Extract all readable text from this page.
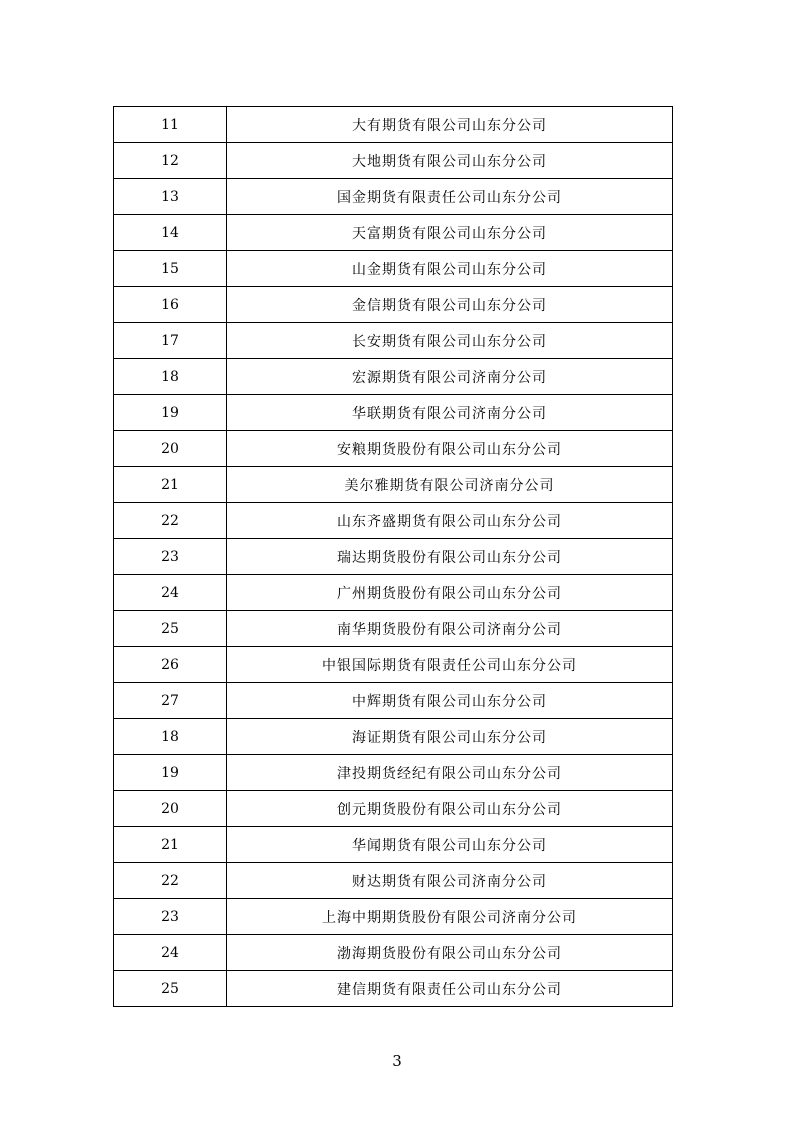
11	大有期货有限公司山东分公司
12	大地期货有限公司山东分公司
13	国金期货有限责任公司山东分公司
14	天富期货有限公司山东分公司
15	山金期货有限公司山东分公司
16	金信期货有限公司山东分公司
17	长安期货有限公司山东分公司
18	宏源期货有限公司济南分公司
19	华联期货有限公司济南分公司
20	安粮期货股份有限公司山东分公司
21	美尔雅期货有限公司济南分公司
22	山东齐盛期货有限公司山东分公司
23	瑞达期货股份有限公司山东分公司
24	广州期货股份有限公司山东分公司
25	南华期货股份有限公司济南分公司
26	中银国际期货有限责任公司山东分公司
27	中辉期货有限公司山东分公司
18	海证期货有限公司山东分公司
19	津投期货经纪有限公司山东分公司
20	创元期货股份有限公司山东分公司
21	华闻期货有限公司山东分公司
22	财达期货有限公司济南分公司
23	上海中期期货股份有限公司济南分公司
24	渤海期货股份有限公司山东分公司
25	建信期货有限责任公司山东分公司
3
